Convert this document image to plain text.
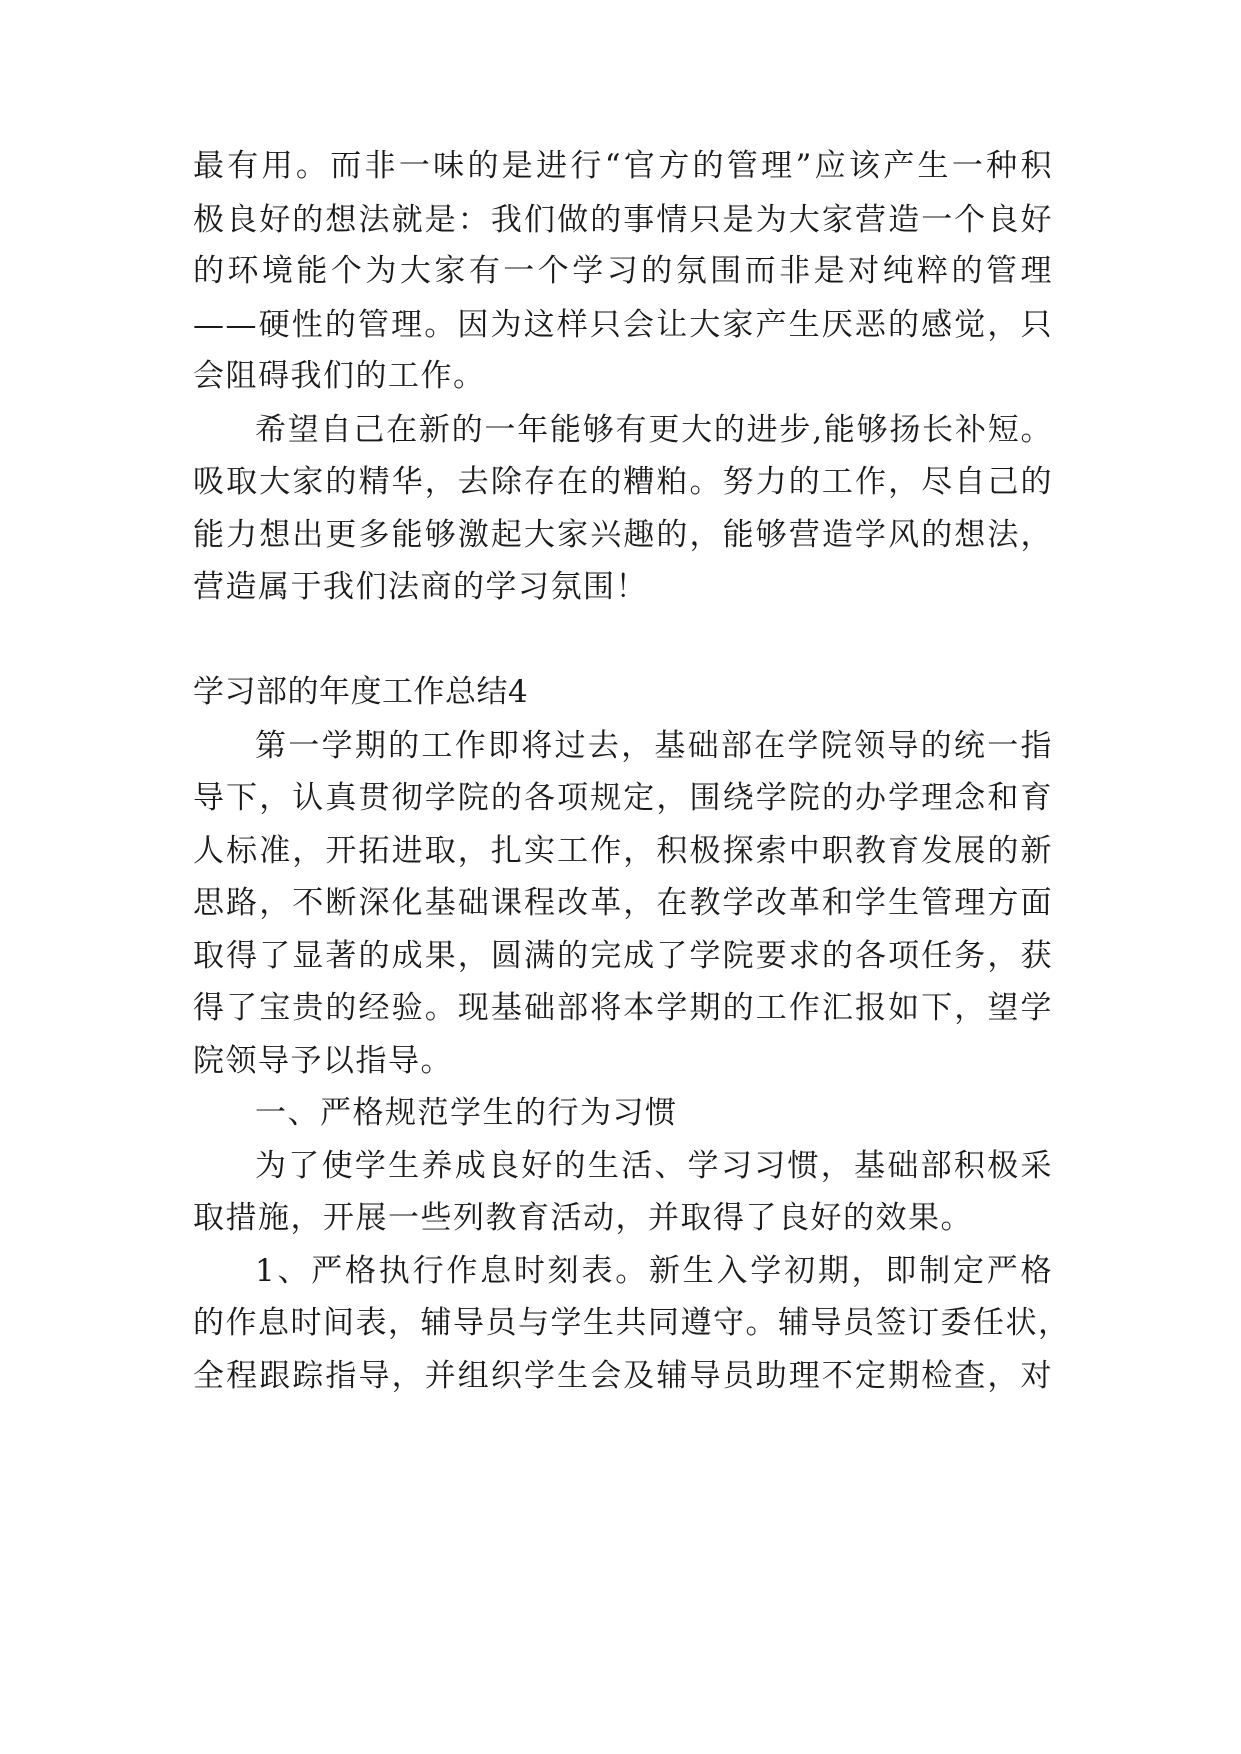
最有用。而非一味的是进行“官方的管理”应该产生一种积
极良好的想法就是：我们做的事情只是为大家营造一个良好
的环境能个为大家有一个学习的氛围而非是对纯粹的管理
——硬性的管理。因为这样只会让大家产生厌恶的感觉，只
会阻碍我们的工作。
希望自己在新的一年能够有更大的进步,能够扬长补短。
吸取大家的精华，去除存在的糟粕。努力的工作，尽自己的
能力想出更多能够激起大家兴趣的，能够营造学风的想法，
营造属于我们法商的学习氛围！
学习部的年度工作总结4
第一学期的工作即将过去，基础部在学院领导的统一指
导下，认真贯彻学院的各项规定，围绕学院的办学理念和育
人标准，开拓进取，扎实工作，积极探索中职教育发展的新
思路，不断深化基础课程改革，在教学改革和学生管理方面
取得了显著的成果，圆满的完成了学院要求的各项任务，获
得了宝贵的经验。现基础部将本学期的工作汇报如下，望学
院领导予以指导。
一、严格规范学生的行为习惯
为了使学生养成良好的生活、学习习惯，基础部积极采
取措施，开展一些列教育活动，并取得了良好的效果。
1、严格执行作息时刻表。新生入学初期，即制定严格
的作息时间表，辅导员与学生共同遵守。辅导员签订委任状，
全程跟踪指导，并组织学生会及辅导员助理不定期检查，对
